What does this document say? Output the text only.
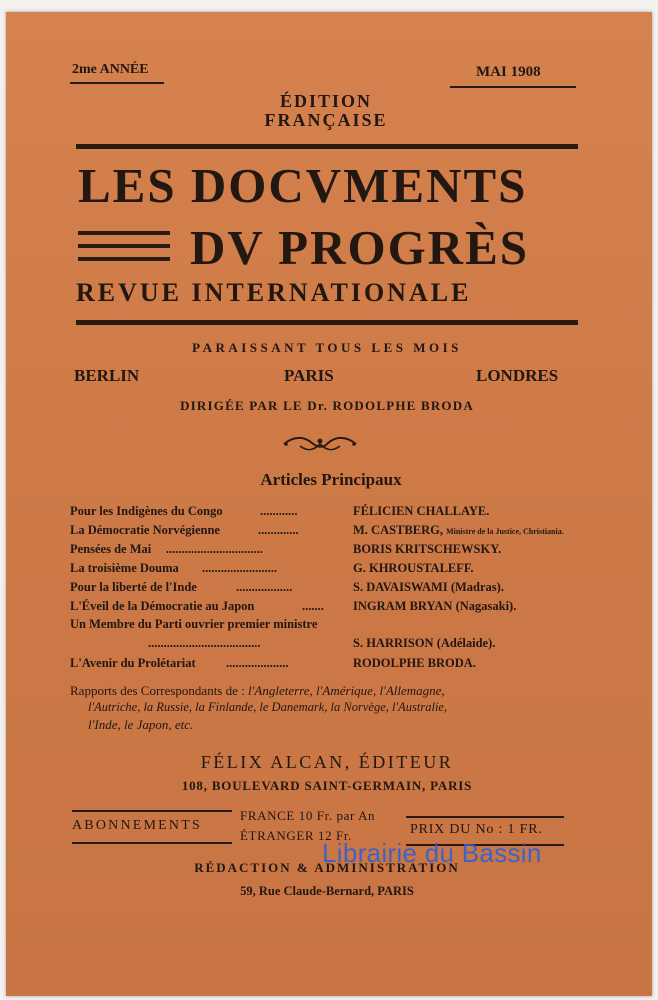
2me ANNÉE	MAI 1908
ÉDITION
FRANÇAISE
LES DOCVMENTS
DV PROGRÈS
REVUE INTERNATIONALE
PARAISSANT TOUS LES MOIS
BERLIN	PARIS	LONDRES
DIRIGÉE PAR LE Dr. RODOLPHE BRODA
Articles Principaux
Pour les Indigènes du Congo	............	FÉLICIEN CHALLAYE.
La Démocratie Norvégienne	.............	M. CASTBERG, Ministre de la Justice, Christiania.
Pensées de Mai ...............................	BORIS KRITSCHEWSKY.
La troisième Douma ........................	G. KHROUSTALEFF.
Pour la liberté de l'Inde	..................	S. DAVAISWAMI (Madras).
L'Éveil de la Démocratie au Japon	....... INGRAM BRYAN (Nagasaki).
Un Membre du Parti ouvrier premier ministre
....................................	S. HARRISON (Adélaide).
L'Avenir du Prolétariat ....................	RODOLPHE BRODA.
Rapports des Correspondants de : l'Angleterre, l'Amérique, l'Allemagne,
l'Autriche, la Russie, la Finlande, le Danemark, la Norvège, l'Australie,
l'Inde, le Japon, etc.
FÉLIX ALCAN, ÉDITEUR
108, BOULEVARD SAINT-GERMAIN, PARIS
ABONNEMENTS
FRANCE 10 Fr. par An
ÉTRANGER 12 Fr.	PRIX DU No : 1 FR.
RÉDACTION & ADMINISTRATION
59, Rue Claude-Bernard, PARIS
Librairie du Bassin
